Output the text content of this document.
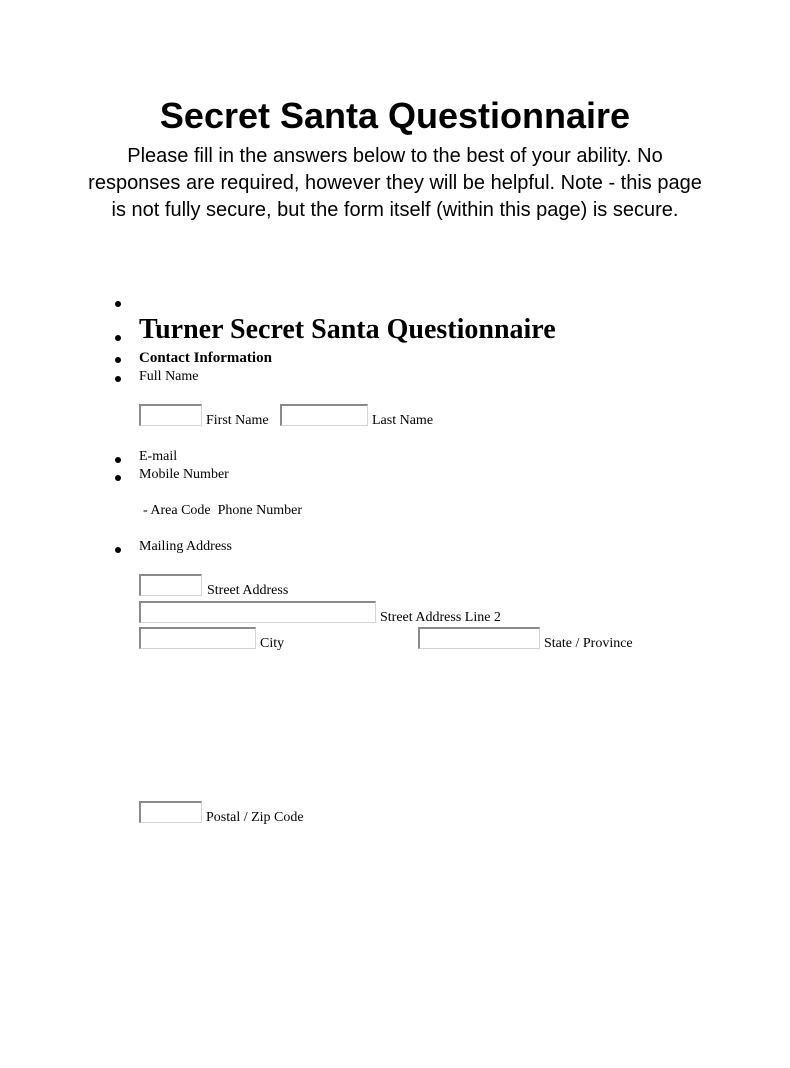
Secret Santa Questionnaire
Please fill in the answers below to the best of your ability. No responses are required, however they will be helpful. Note - this page is not fully secure, but the form itself (within this page) is secure.
Turner Secret Santa Questionnaire
Contact Information
Full Name
First Name	Last Name
E-mail
Mobile Number
- Area Code  Phone Number
Mailing Address
Street Address
Street Address Line 2
City	State / Province
Postal / Zip Code
